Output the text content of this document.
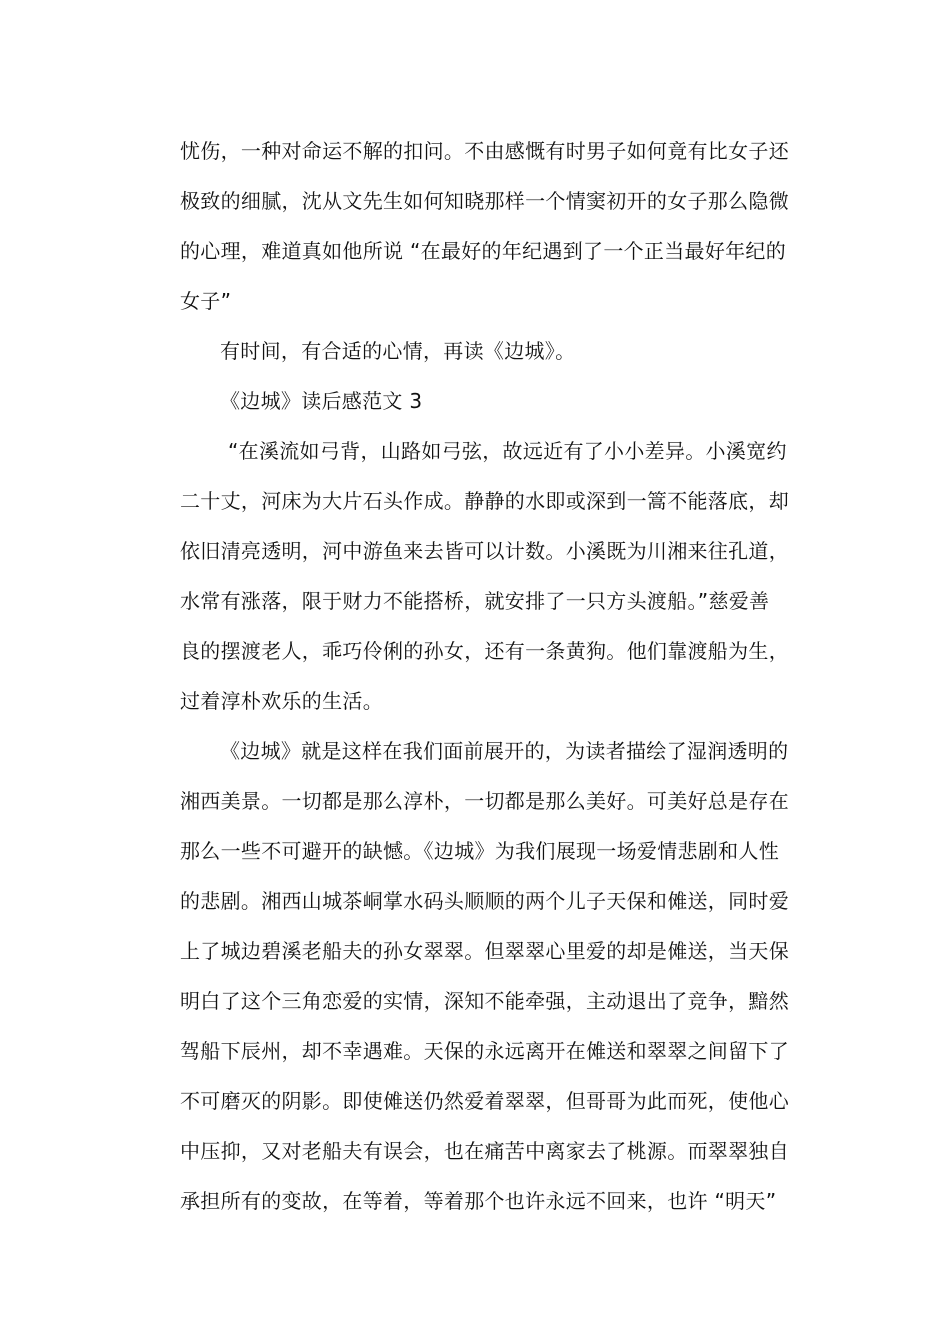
忧伤，一种对命运不解的扣问。不由感慨有时男子如何竟有比女子还
极致的细腻，沈从文先生如何知晓那样一个情窦初开的女子那么隐微
的心理，难道真如他所说 “在最好的年纪遇到了一个正当最好年纪的
女子”
有时间，有合适的心情，再读《边城》。
《边城》读后感范文 3
“在溪流如弓背，山路如弓弦，故远近有了小小差异。小溪宽约
二十丈，河床为大片石头作成。静静的水即或深到一篙不能落底，却
依旧清亮透明，河中游鱼来去皆可以计数。小溪既为川湘来往孔道，
水常有涨落，限于财力不能搭桥，就安排了一只方头渡船。”慈爱善
良的摆渡老人，乖巧伶俐的孙女，还有一条黄狗。他们靠渡船为生，
过着淳朴欢乐的生活。
《边城》就是这样在我们面前展开的，为读者描绘了湿润透明的
湘西美景。一切都是那么淳朴，一切都是那么美好。可美好总是存在
那么一些不可避开的缺憾。《边城》为我们展现一场爱情悲剧和人性
的悲剧。湘西山城茶峒掌水码头顺顺的两个儿子天保和傩送，同时爱
上了城边碧溪老船夫的孙女翠翠。但翠翠心里爱的却是傩送，当天保
明白了这个三角恋爱的实情，深知不能牵强，主动退出了竞争，黯然
驾船下辰州，却不幸遇难。天保的永远离开在傩送和翠翠之间留下了
不可磨灭的阴影。即使傩送仍然爱着翠翠，但哥哥为此而死，使他心
中压抑，又对老船夫有误会，也在痛苦中离家去了桃源。而翠翠独自
承担所有的变故，在等着，等着那个也许永远不回来，也许 “明天”
